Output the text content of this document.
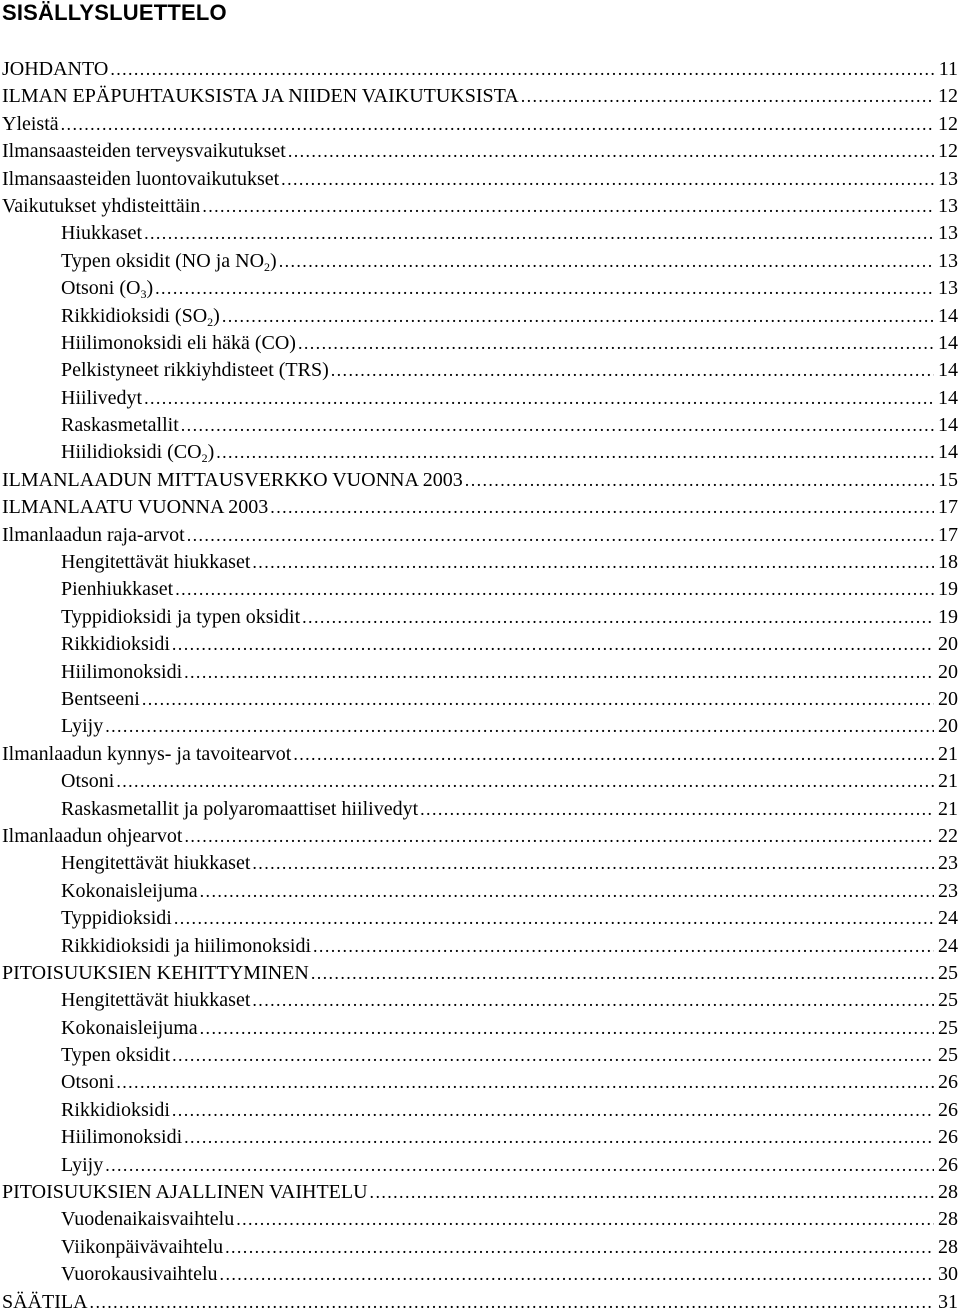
SISÄLLYSLUETTELO
JOHDANTO .....	11
ILMAN EPÄPUHTAUKSISTA JA NIIDEN VAIKUTUKSISTA .....	12
Yleistä .....	12
Ilmansaasteiden terveysvaikutukset .....	12
Ilmansaasteiden luontovaikutukset .....	13
Vaikutukset yhdisteittäin .....	13
Hiukkaset .....	13
Typen oksidit (NO ja $NO_2$) .....	13
Otsoni $(O_3)$ .....	13
Rikkidioksidi $(SO_2)$ .....	14
Hiilimonoksidi eli häkä (CO) .....	14
Pelkistyneet rikkiyhdisteet (TRS) .....	14
Hiilivedyt .....	14
Raskasmetallit .....	14
Hiilidioksidi $(CO_2)$ .....	14
ILMANLAADUN MITTAUSVERKKO VUONNA 2003 .....	15
ILMANLAATU VUONNA 2003 .....	17
Ilmanlaadun raja-arvot .....	17
Hengitettävät hiukkaset .....	18
Pienhiukkaset .....	19
Typpidioksidi ja typen oksidit .....	19
Rikkidioksidi .....	20
Hiilimonoksidi .....	20
Bentseeni .....	20
Lyijy .....	20
Ilmanlaadun kynnys- ja tavoitearvot .....	21
Otsoni .....	21
Raskasmetallit ja polyaromaattiset hiilivedyt .....	21
Ilmanlaadun ohjearvot .....	22
Hengitettävät hiukkaset .....	23
Kokonaisleijuma .....	23
Typpidioksidi .....	24
Rikkidioksidi ja hiilimonoksidi .....	24
PITOISUUKSIEN KEHITTYMINEN .....	25
Hengitettävät hiukkaset .....	25
Kokonaisleijuma .....	25
Typen oksidit .....	25
Otsoni .....	26
Rikkidioksidi .....	26
Hiilimonoksidi .....	26
Lyijy .....	26
PITOISUUKSIEN AJALLINEN VAIHTELU .....	28
Vuodenaikaisvaihtelu .....	28
Viikonpäivävaihtelu .....	28
Vuorokausivaihtelu .....	30
SÄÄTILA .....	31
